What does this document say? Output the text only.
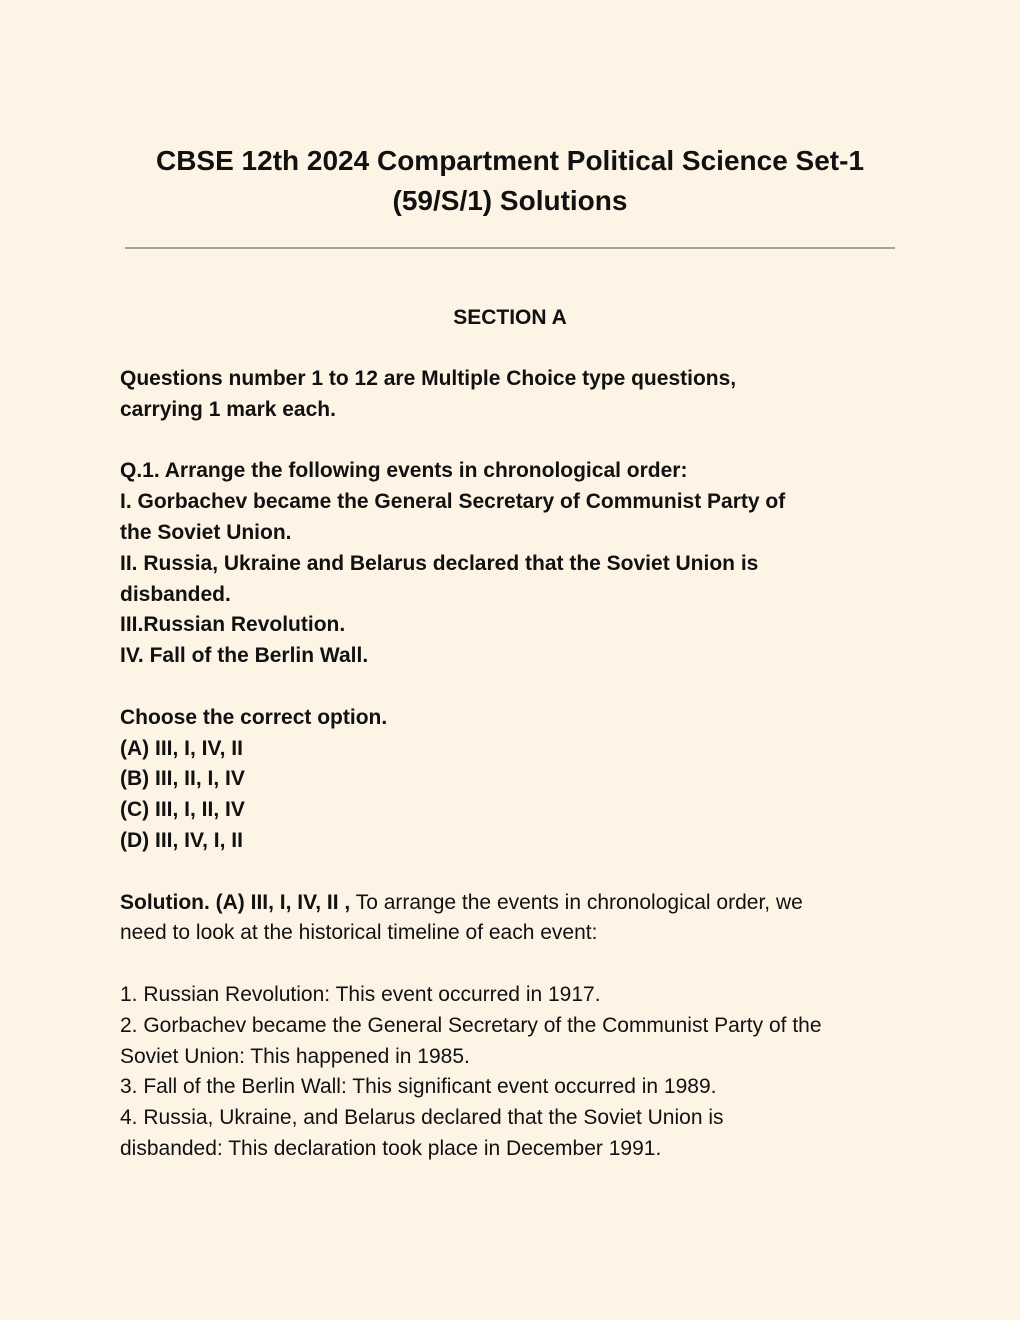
CBSE 12th 2024 Compartment Political Science Set-1
(59/S/1) Solutions
SECTION A
Questions number 1 to 12 are Multiple Choice type questions,
carrying 1 mark each.
Q.1. Arrange the following events in chronological order:
I. Gorbachev became the General Secretary of Communist Party of
the Soviet Union.
II. Russia, Ukraine and Belarus declared that the Soviet Union is
disbanded.
III.Russian Revolution.
IV. Fall of the Berlin Wall.
Choose the correct option.
(A) III, I, IV, II
(B) III, II, I, IV
(C) III, I, II, IV
(D) III, IV, I, II
Solution. (A) III, I, IV, II , To arrange the events in chronological order, we
need to look at the historical timeline of each event:
1. Russian Revolution: This event occurred in 1917.
2. Gorbachev became the General Secretary of the Communist Party of the
Soviet Union: This happened in 1985.
3. Fall of the Berlin Wall: This significant event occurred in 1989.
4. Russia, Ukraine, and Belarus declared that the Soviet Union is
disbanded: This declaration took place in December 1991.
